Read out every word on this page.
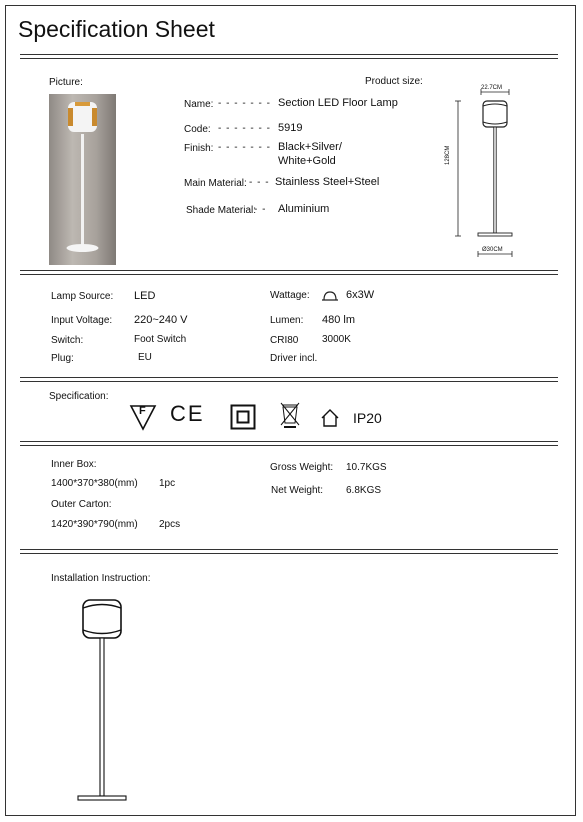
Specification Sheet
Picture:	Product size:
Name: - - - - - - - Section LED Floor Lamp
Code: - - - - - - - 5919
Finish: - - - - - - - Black+Silver/
White+Gold
Main Material: - - - Stainless Steel+Steel
Shade Material:
- - Aluminium
22.7CM
128CM
Ø30CM
Lamp Source: LED	Wattage:	6x3W
Input Voltage: 220~240 V	Lumen: 480 lm
Switch:	Foot Switch	CRI80 3000K
Plug:	EU	Driver incl.
Specification:
F CE	IP20
Inner Box:
1400*370*380(mm) 1pc
Outer Carton:
1420*390*790(mm) 2pcs
Gross Weight: 10.7KGS
Net Weight: 6.8KGS
Installation Instruction:
